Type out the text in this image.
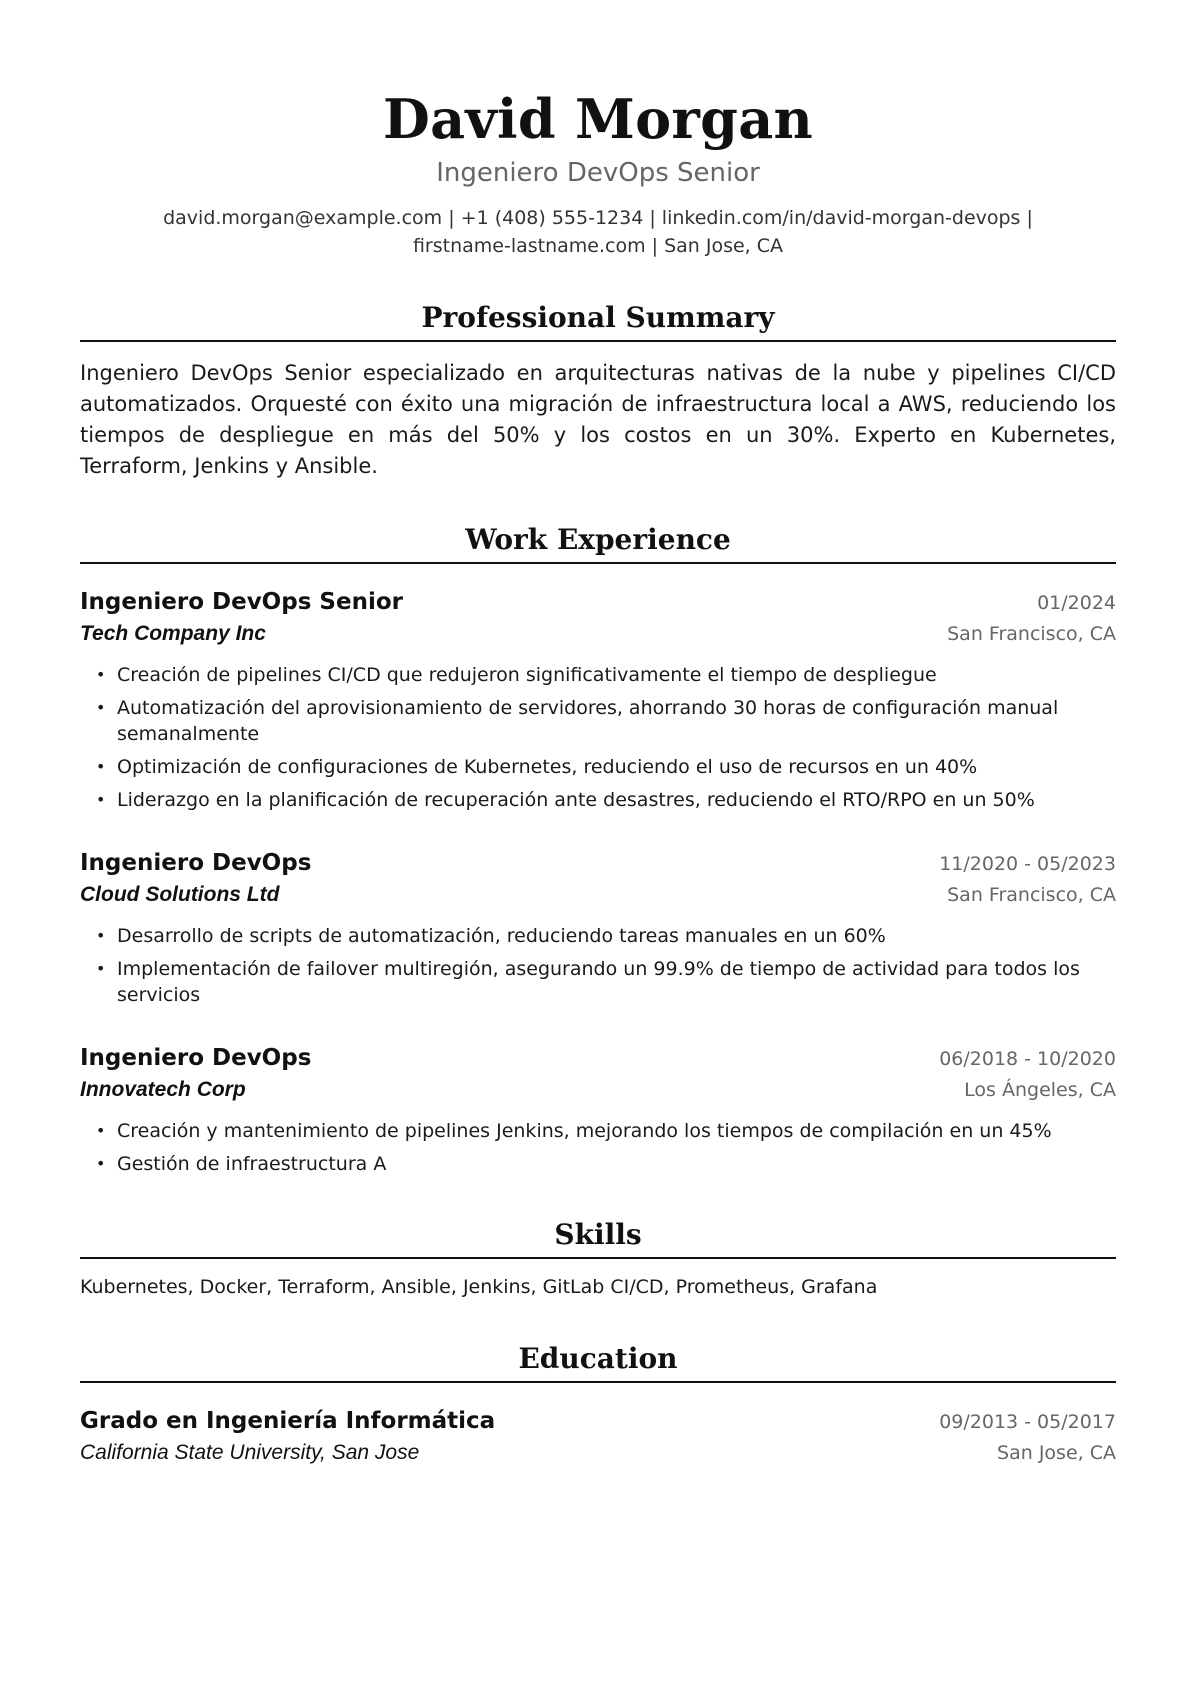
David Morgan
Ingeniero DevOps Senior
david.morgan@example.com | +1 (408) 555-1234 | linkedin.com/in/david-morgan-devops |
firstname-lastname.com | San Jose, CA
Professional Summary
Ingeniero DevOps Senior especializado en arquitecturas nativas de la nube y pipelines CI/CD automatizados. Orquesté con éxito una migración de infraestructura local a AWS, reduciendo los tiempos de despliegue en más del 50% y los costos en un 30%. Experto en Kubernetes, Terraform, Jenkins y Ansible.
Work Experience
Ingeniero DevOps Senior	01/2024
Tech Company Inc	San Francisco, CA
• Creación de pipelines CI/CD que redujeron significativamente el tiempo de despliegue
• Automatización del aprovisionamiento de servidores, ahorrando 30 horas de configuración manual semanalmente
• Optimización de configuraciones de Kubernetes, reduciendo el uso de recursos en un 40%
• Liderazgo en la planificación de recuperación ante desastres, reduciendo el RTO/RPO en un 50%
Ingeniero DevOps	11/2020 - 05/2023
Cloud Solutions Ltd	San Francisco, CA
• Desarrollo de scripts de automatización, reduciendo tareas manuales en un 60%
• Implementación de failover multiregión, asegurando un 99.9% de tiempo de actividad para todos los servicios
Ingeniero DevOps	06/2018 - 10/2020
Innovatech Corp	Los Ángeles, CA
• Creación y mantenimiento de pipelines Jenkins, mejorando los tiempos de compilación en un 45%
• Gestión de infraestructura A
Skills
Kubernetes, Docker, Terraform, Ansible, Jenkins, GitLab CI/CD, Prometheus, Grafana
Education
Grado en Ingeniería Informática	09/2013 - 05/2017
California State University, San Jose	San Jose, CA
